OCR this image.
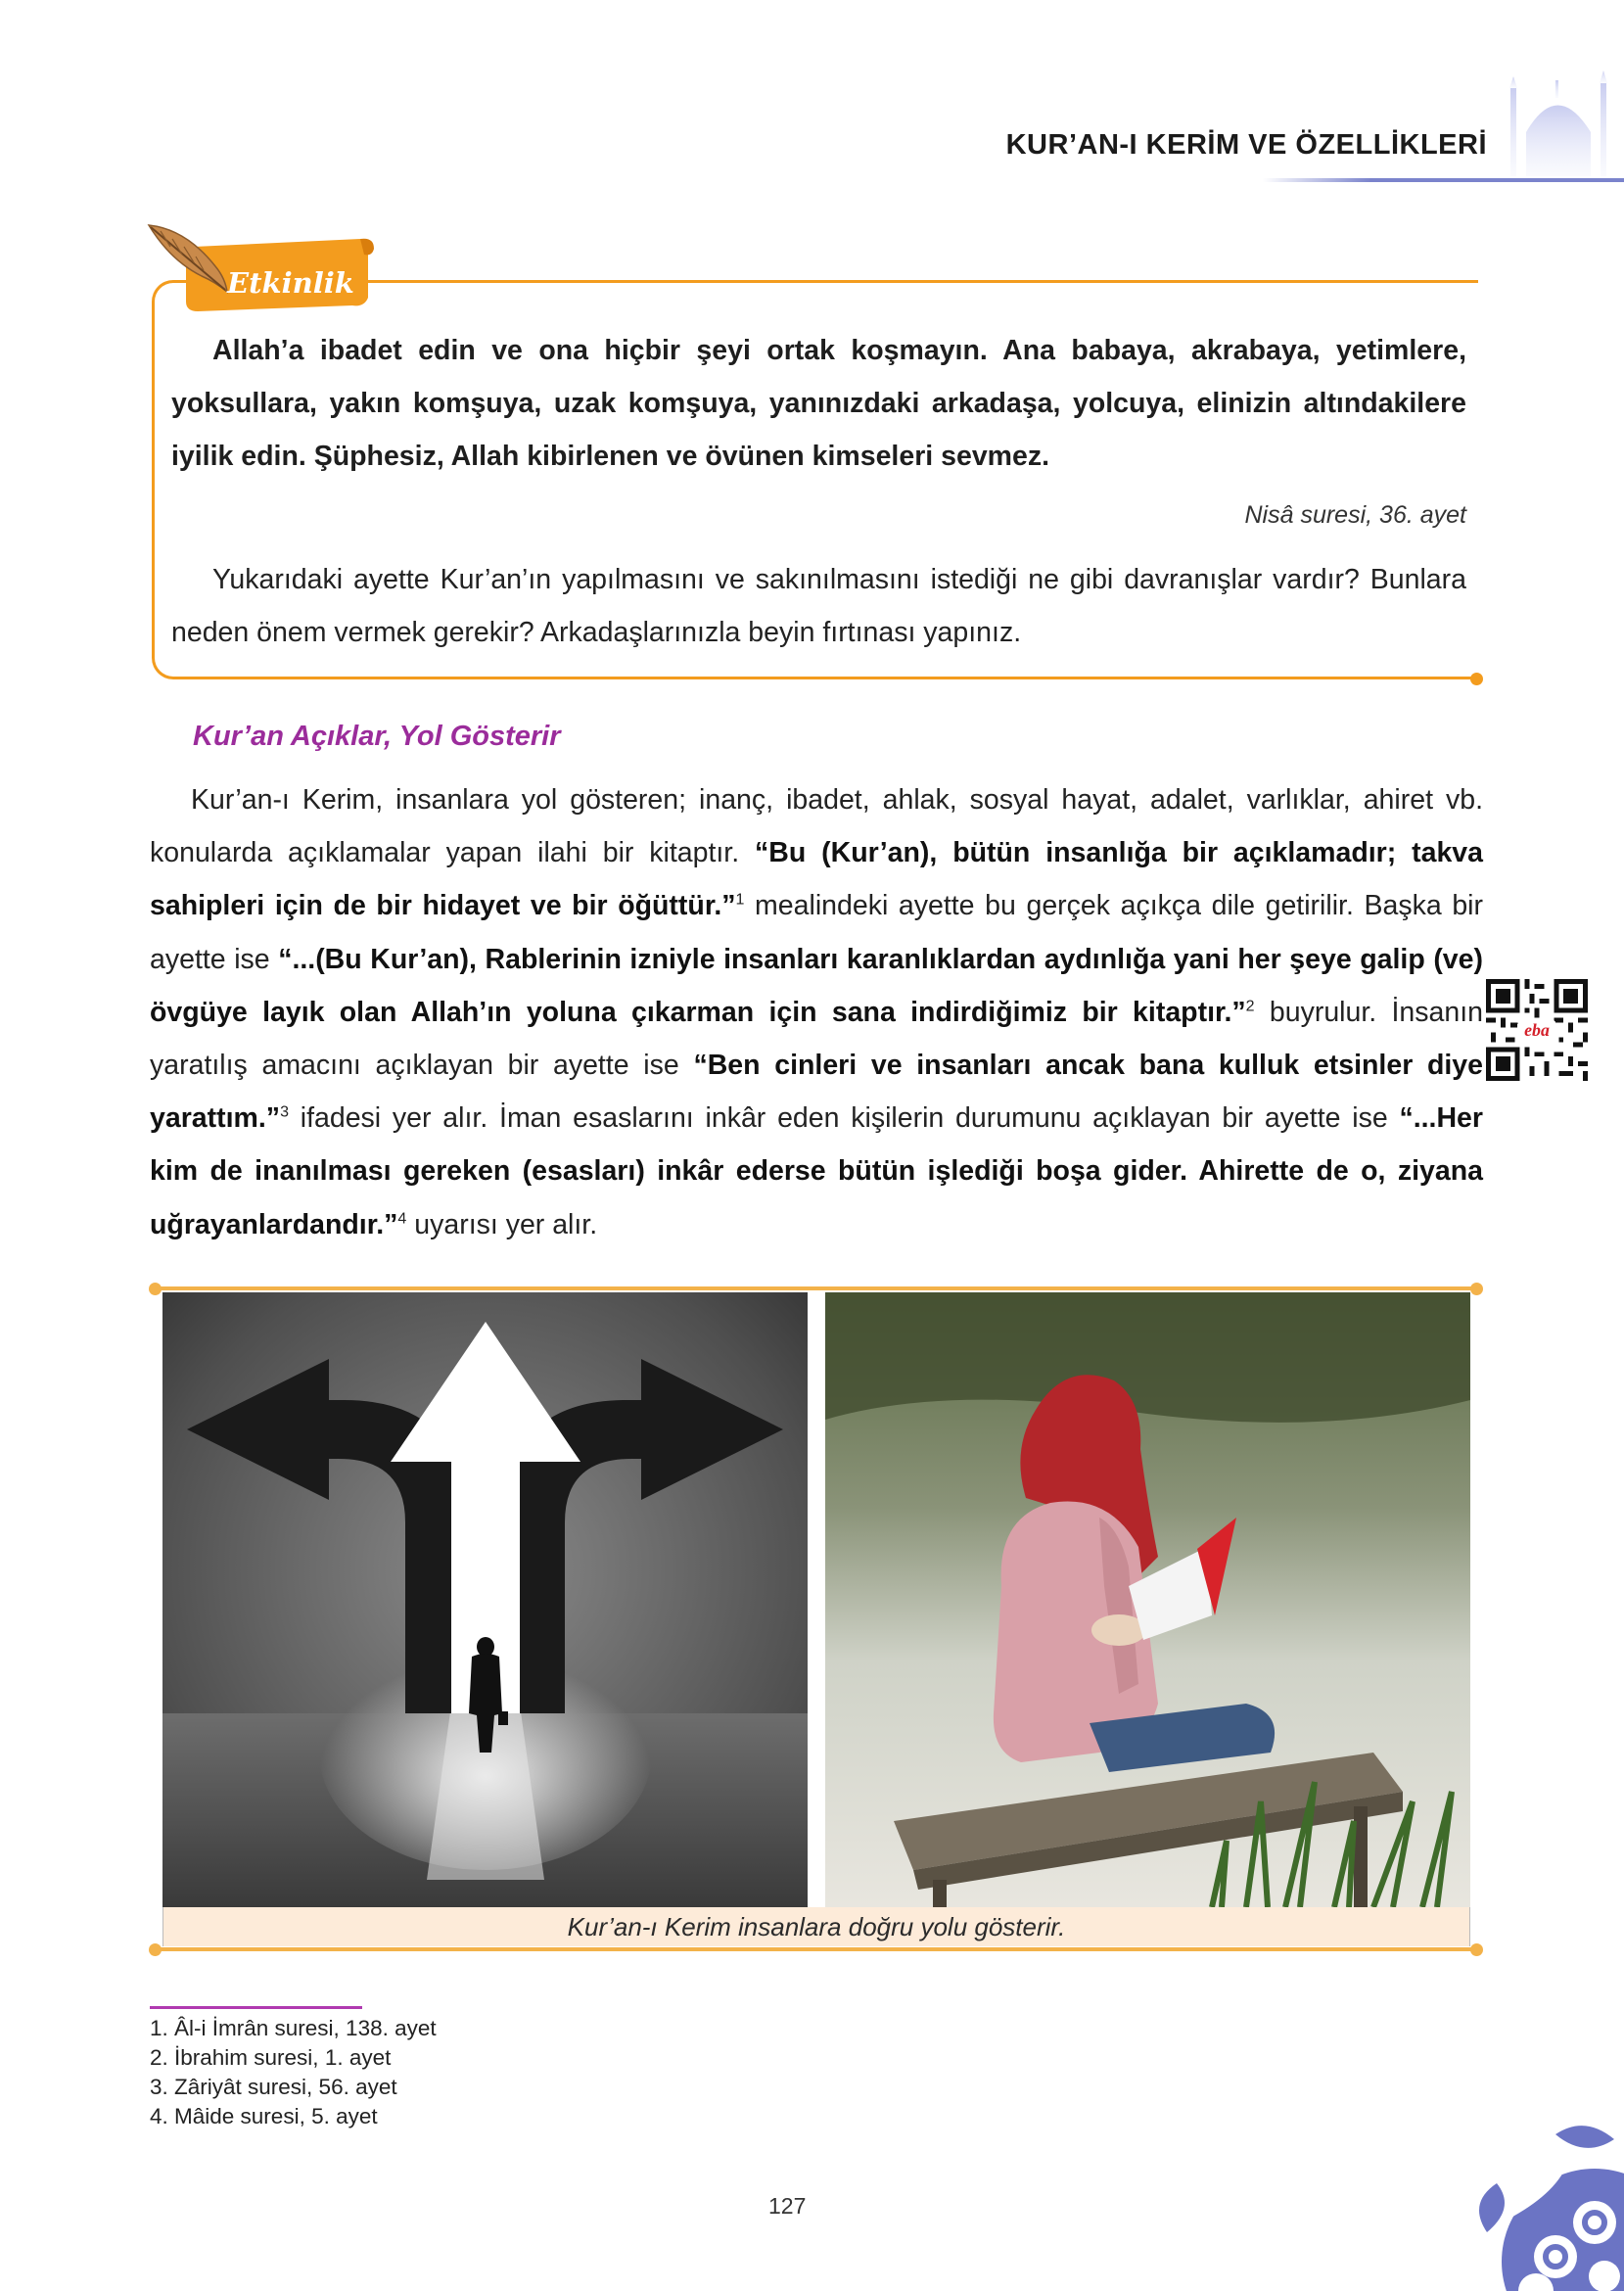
KUR’AN-I KERİM VE ÖZELLİKLERİ
Etkinlik
Allah’a ibadet edin ve ona hiçbir şeyi ortak koşmayın. Ana babaya, akrabaya, yetimlere, yoksullara, yakın komşuya, uzak komşuya, yanınızdaki arkadaşa, yolcuya, elinizin altındakilere iyilik edin. Şüphesiz, Allah kibirlenen ve övünen kimseleri sevmez.
Nisâ suresi, 36. ayet
Yukarıdaki ayette Kur’an’ın yapılmasını ve sakınılmasını istediği ne gibi davranışlar vardır? Bunlara neden önem vermek gerekir? Arkadaşlarınızla beyin fırtınası yapınız.
Kur’an Açıklar, Yol Gösterir
Kur’an-ı Kerim, insanlara yol gösteren; inanç, ibadet, ahlak, sosyal hayat, adalet, varlıklar, ahiret vb. konularda açıklamalar yapan ilahi bir kitaptır. “Bu (Kur’an), bütün insanlığa bir açıklamadır; takva sahipleri için de bir hidayet ve bir öğüttür.”$^1$ mealindeki ayette bu gerçek açıkça dile getirilir. Başka bir ayette ise “...(Bu Kur’an), Rablerinin izniyle insanları karanlıklardan aydınlığa yani her şeye galip (ve) övgüye layık olan Allah’ın yoluna çıkarman için sana indirdiğimiz bir kitaptır.”$^2$ buyrulur. İnsanın yaratılış amacını açıklayan bir ayette ise “Ben cinleri ve insanları ancak bana kulluk etsinler diye yarattım.”$^3$ ifadesi yer alır. İman esaslarını inkâr eden kişilerin durumunu açıklayan bir ayette ise “...Her kim de inanılması gereken (esasları) inkâr ederse bütün işlediği boşa gider. Ahirette de o, ziyana uğrayanlardandır.”$^4$ uyarısı yer alır.
eba
Kur’an-ı Kerim insanlara doğru yolu gösterir.
1. Âl-i İmrân suresi, 138. ayet
2. İbrahim suresi, 1. ayet
3. Zâriyât suresi, 56. ayet
4. Mâide suresi, 5. ayet
127
